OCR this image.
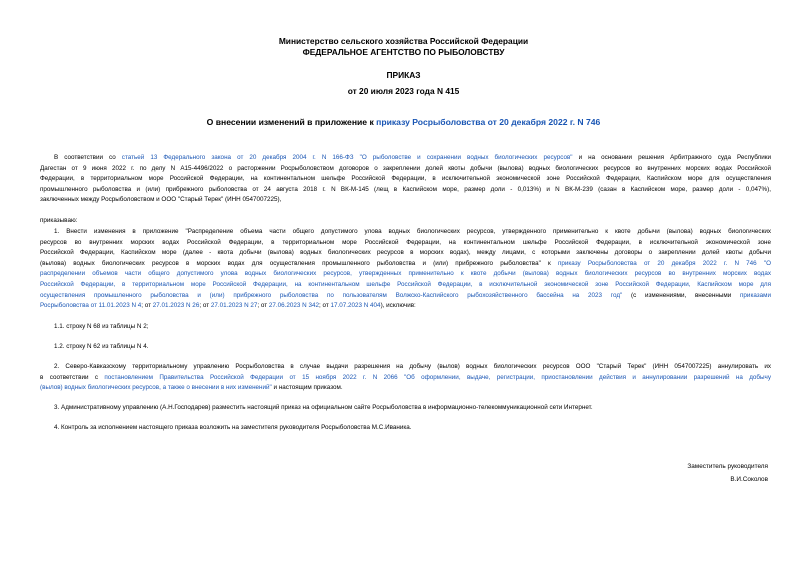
Министерство сельского хозяйства Российской Федерации
ФЕДЕРАЛЬНОЕ АГЕНТСТВО ПО РЫБОЛОВСТВУ
ПРИКАЗ
от 20 июля 2023 года N 415
О внесении изменений в приложение к приказу Росрыболовства от 20 декабря 2022 г. N 746
В соответствии со статьей 13 Федерального закона от 20 декабря 2004 г. N 166-ФЗ "О рыболовстве и сохранении водных биологических ресурсов" и на основании решения Арбитражного суда Республики
Дагестан от 9 июня 2022 г. по делу N А15-4496/2022 о расторжении Росрыболовством договоров о закреплении долей квоты добычи (вылова) водных биологических ресурсов во внутренних морских водах Российской
Федерации, в территориальном море Российской Федерации, на континентальном шельфе Российской Федерации, в исключительной экономической зоне Российской Федерации, Каспийском море для осуществления
промышленного рыболовства и (или) прибрежного рыболовства от 24 августа 2018 г. N ВК-М-145 (лещ в Каспийском море, размер доли - 0,013%) и N ВК-М-239 (сазан в Каспийском море, размер доли - 0,047%),
заключенных между Росрыболовством и ООО "Старый Терек" (ИНН 0547007225),
приказываю:
1. Внести изменения в приложение "Распределение объема части общего допустимого улова водных биологических ресурсов, утвержденного применительно к квоте добычи (вылова) водных биологических
ресурсов во внутренних морских водах Российской Федерации, в территориальном море Российской Федерации, на континентальном шельфе Российской Федерации, в исключительной экономической зоне
Российской Федерации, Каспийском море (далее - квота добычи (вылова) водных биологических ресурсов в морских водах), между лицами, с которыми заключены договоры о закреплении долей квоты добычи
(вылова) водных биологических ресурсов в морских водах для осуществления промышленного рыболовства и (или) прибрежного рыболовства" к приказу Росрыболовства от 20 декабря 2022 г. N 746 "О
распределении объемов части общего допустимого улова водных биологических ресурсов, утвержденных применительно к квоте добычи (вылова) водных биологических ресурсов во внутренних морских водах
Российской Федерации, в территориальном море Российской Федерации, на континентальном шельфе Российской Федерации, в исключительной экономической зоне Российской Федерации, Каспийском море для
осуществления промышленного рыболовства и (или) прибрежного рыболовства по пользователям Волжско-Каспийского рыбохозяйственного бассейна на 2023 год" (с изменениями, внесенными приказами
Росрыболовства от 11.01.2023 N 4; от 27.01.2023 N 26; от 27.01.2023 N 27; от 27.06.2023 N 342; от 17.07.2023 N 404), исключив:
1.1. строку N 68 из таблицы N 2;
1.2. строку N 62 из таблицы N 4.
2. Северо-Кавказскому территориальному управлению Росрыболовства в случае выдачи разрешения на добычу (вылов) водных биологических ресурсов ООО "Старый Терек" (ИНН 0547007225) аннулировать их
в соответствии с постановлением Правительства Российской Федерации от 15 ноября 2022 г. N 2066 "Об оформлении, выдаче, регистрации, приостановлении действия и аннулировании разрешений на добычу
(вылов) водных биологических ресурсов, а также о внесении в них изменений" и настоящим приказом.
3. Административному управлению (А.Н.Господарев) разместить настоящий приказ на официальном сайте Росрыболовства в информационно-телекоммуникационной сети Интернет.
4. Контроль за исполнением настоящего приказа возложить на заместителя руководителя Росрыболовства М.С.Иваника.
Заместитель руководителя
В.И.Соколов
